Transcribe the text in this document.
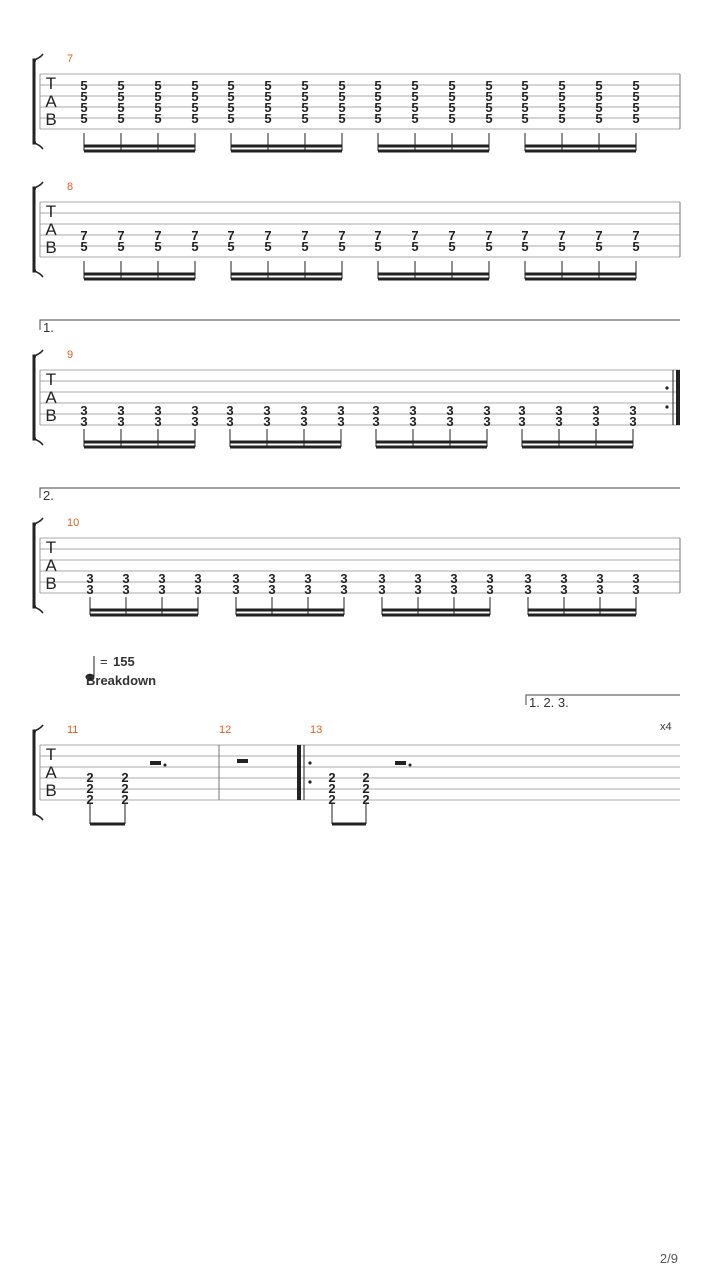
T
A
B
7
5
5
5
5
5
5
5
5
5
5
5
5
5
5
5
5
5
5
5
5
5
5
5
5
5
5
5
5
5
5
5
5
5
5
5
5
5
5
5
5
5
5
5
5
5
5
5
5
5
5
5
5
5
5
5
5
5
5
5
5
5
5
5
5
T
A
B
8
7
5
7
5
7
5
7
5
7
5
7
5
7
5
7
5
7
5
7
5
7
5
7
5
7
5
7
5
7
5
7
5
1.
T
A
B
9
3
3
3
3
3
3
3
3
3
3
3
3
3
3
3
3
3
3
3
3
3
3
3
3
3
3
3
3
3
3
3
3
2.
T
A
B
10
3
3
3
3
3
3
3
3
3
3
3
3
3
3
3
3
3
3
3
3
3
3
3
3
3
3
3
3
3
3
3
3
= 155
Breakdown
1. 2. 3.
x4
T
A
B
11
2
2
2
2
2
2
12	13
2
2
2
2
2
2
2/9
